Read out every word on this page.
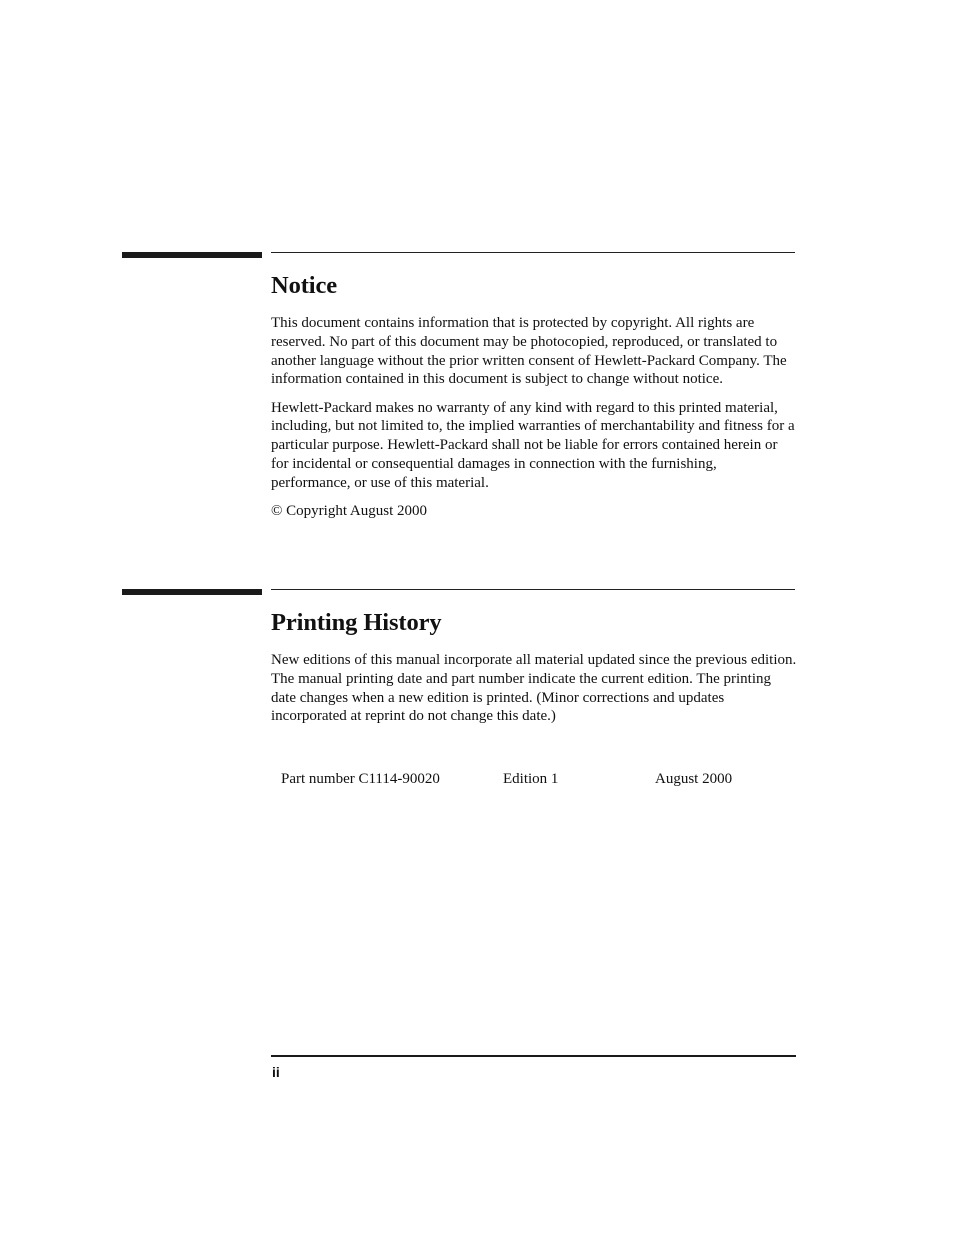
Notice

This document contains information that is protected by copyright. All rights are reserved. No part of this document may be photocopied, reproduced, or translated to another language without the prior written consent of Hewlett-Packard Company. The information contained in this document is subject to change without notice.

Hewlett-Packard makes no warranty of any kind with regard to this printed material, including, but not limited to, the implied warranties of merchantability and fitness for a particular purpose. Hewlett-Packard shall not be liable for errors contained herein or for incidental or consequential damages in connection with the furnishing, performance, or use of this material.

© Copyright August 2000

Printing History

New editions of this manual incorporate all material updated since the previous edition. The manual printing date and part number indicate the current edition. The printing date changes when a new edition is printed. (Minor corrections and updates incorporated at reprint do not change this date.)

Part number C1114-90020	Edition 1	August 2000
ii
